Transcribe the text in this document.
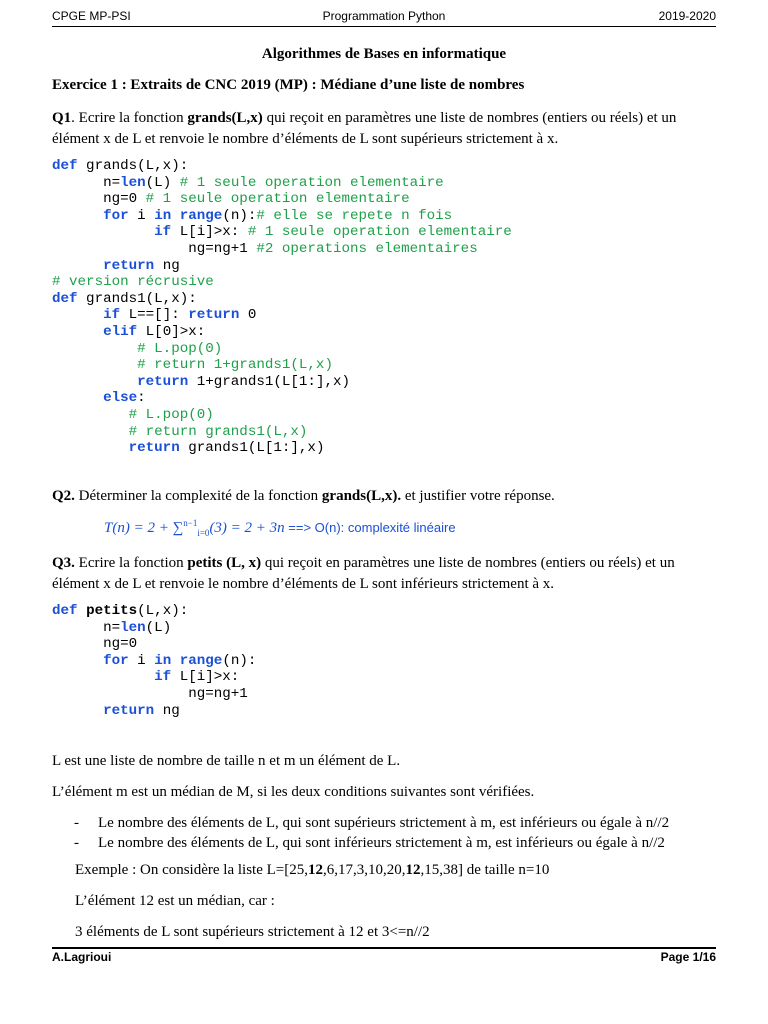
CPGE MP-PSI	Programmation Python	2019-2020
Algorithmes de Bases en informatique
Exercice 1 : Extraits de CNC 2019 (MP) : Médiane d’une liste de nombres
Q1. Ecrire la fonction grands(L,x) qui reçoit en paramètres une liste de nombres (entiers ou réels) et un élément x de L et renvoie le nombre d’éléments de L sont supérieurs strictement à x.
def grands(L,x):
n=len(L) # 1 seule operation elementaire
ng=0 # 1 seule operation elementaire
for i in range(n):# elle se repete n fois
if L[i]>x: # 1 seule operation elementaire
ng=ng+1 #2 operations elementaires
return ng
# version récrusive
def grands1(L,x):
if L==[]: return 0
elif L[0]>x:
# L.pop(0)
# return 1+grands1(L,x)
return 1+grands1(L[1:],x)
else:
# L.pop(0)
# return grands1(L,x)
return grands1(L[1:],x)
Q2. Déterminer la complexité de la fonction grands(L,x). et justifier votre réponse.
T(n) = 2 + ∑$^{n-1}_{i=0}$(3) = 2 + 3n ==> O(n): complexité linéaire
Q3. Ecrire la fonction petits (L, x) qui reçoit en paramètres une liste de nombres (entiers ou réels) et un élément x de L et renvoie le nombre d’éléments de L sont inférieurs strictement à x.
def petits(L,x):
n=len(L)
ng=0
for i in range(n):
if L[i]>x:
ng=ng+1
return ng
L est une liste de nombre de taille n et m un élément de L.
L’élément m est un médian de M, si les deux conditions suivantes sont vérifiées.
- Le nombre des éléments de L, qui sont supérieurs strictement à m, est inférieurs ou égale à n//2
- Le nombre des éléments de L, qui sont inférieurs strictement à m, est inférieurs ou égale à n//2
Exemple : On considère la liste L=[25,12,6,17,3,10,20,12,15,38] de taille n=10
L’élément 12 est un médian, car :
3 éléments de L sont supérieurs strictement à 12 et 3<=n//2
A.Lagrioui	Page 1/16
